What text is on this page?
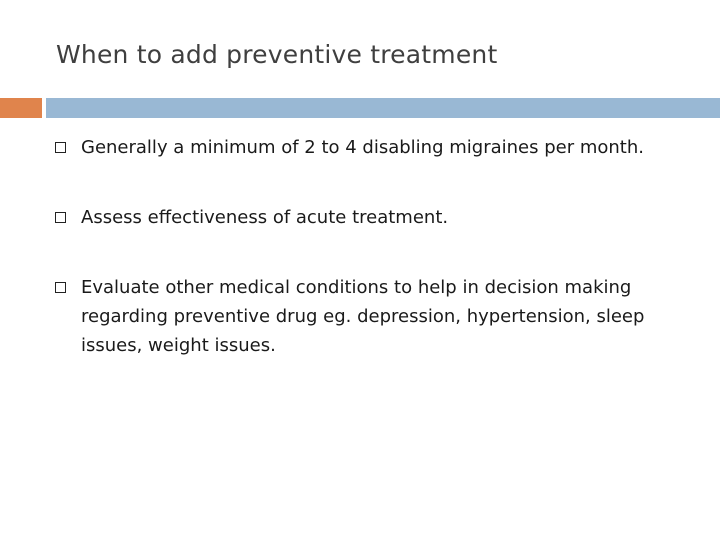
When to add preventive treatment
Generally a minimum of 2 to 4 disabling migraines per month.
Assess effectiveness of acute treatment.
Evaluate other medical conditions to help in decision making regarding preventive drug eg. depression, hypertension, sleep issues, weight issues.
